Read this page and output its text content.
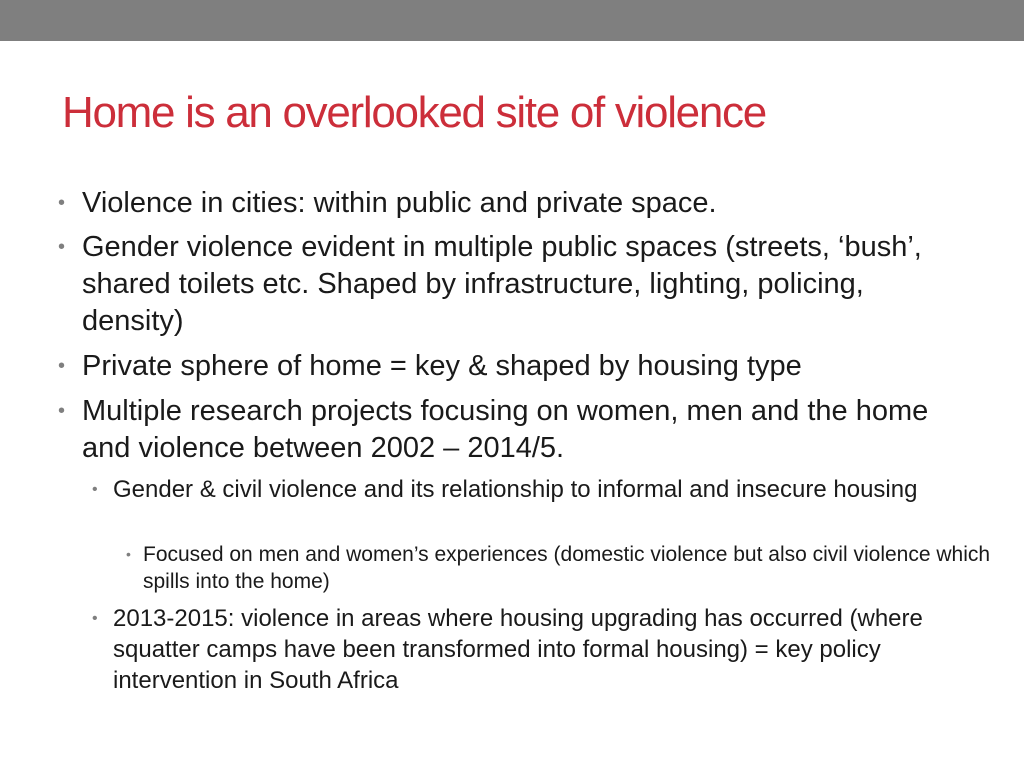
Home is an overlooked site of violence

• Violence in cities: within public and private space.

• Gender violence evident in multiple public spaces (streets, ‘bush’, shared toilets etc. Shaped by infrastructure, lighting, policing, density)

• Private sphere of home = key & shaped by housing type

• Multiple research projects focusing on women, men and the home and violence between 2002 – 2014/5.

• Gender & civil violence and its relationship to informal and insecure housing

• Focused on men and women’s experiences (domestic violence but also civil violence which spills into the home)

• 2013-2015: violence in areas where housing upgrading has occurred (where squatter camps have been transformed into formal housing) = key policy intervention in South Africa
